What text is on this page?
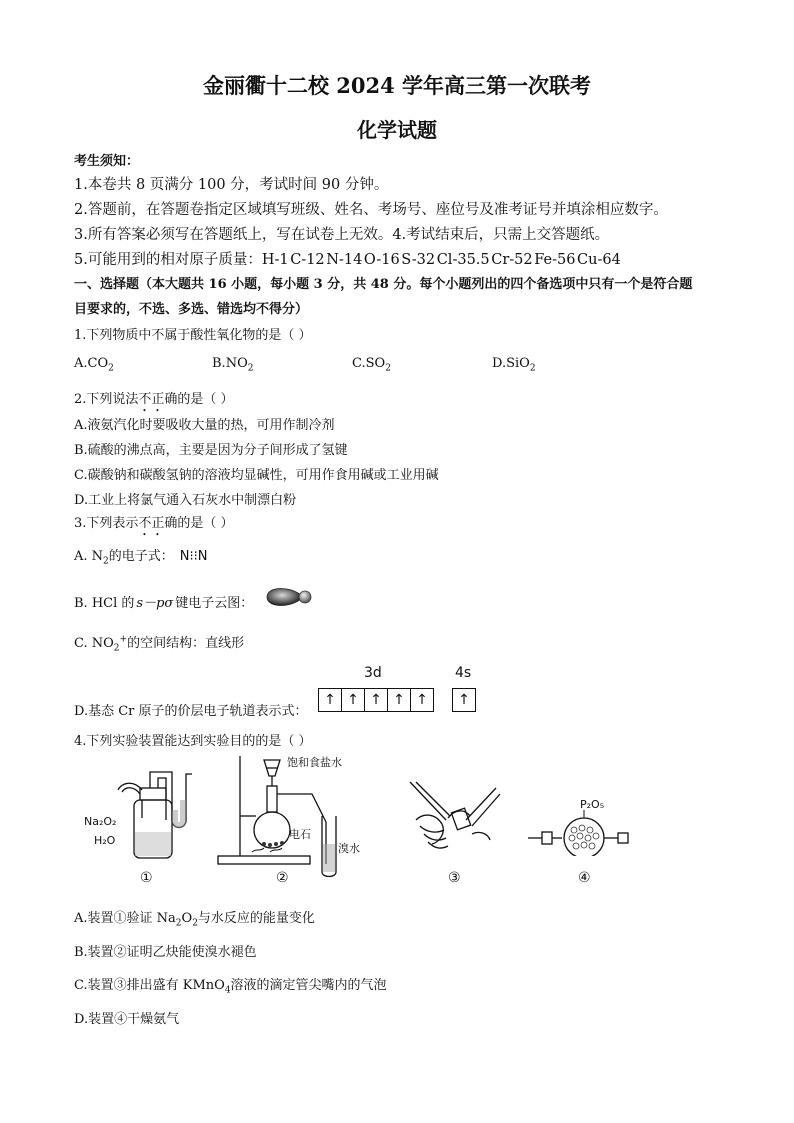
金丽衢十二校 2024 学年高三第一次联考
化学试题
考生须知：
1.本卷共 8 页满分 100 分，考试时间 90 分钟。
2.答题前，在答题卷指定区域填写班级、姓名、考场号、座位号及准考证号并填涂相应数字。
3.所有答案必须写在答题纸上，写在试卷上无效。4.考试结束后，只需上交答题纸。
5.可能用到的相对原子质量：H-1 C-12 N-14 O-16 S-32 Cl-35.5 Cr-52 Fe-56 Cu-64
一、选择题（本大题共 16 小题，每小题 3 分，共 48 分。每个小题列出的四个备选项中只有一个是符合题
目要求的，不选、多选、错选均不得分）
1.下列物质中不属于酸性氧化物的是（ ）
$A.CO_2$	$B.NO_2$	$C.SO_2$	D.SiO$_2$
2.下列说法不正确的是（ ）
A.液氨汽化时要吸收大量的热，可用作制冷剂
B.硫酸的沸点高，主要是因为分子间形成了氢键
C.碳酸钠和碳酸氢钠的溶液均显碱性，可用作食用碱或工业用碱
D.工业上将氯气通入石灰水中制漂白粉
3.下列表示不正确的是（ ）
A. $N_2$的电子式： N⁝⁝N
B. HCl 的 s－pσ 键电子云图：
C. $NO_2^+$的空间结构：直线形
3d	4s
D.基态 Cr 原子的价层电子轨道表示式：
↑ ↑ ↑ ↑ ↑	↑
4.下列实验装置能达到实验目的的是（ ）
Na₂O₂
H₂O
①
饱和食盐水
电石
溴水
②	③
P₂O₅
④
A.装置①验证 $Na_2O_2$与水反应的能量变化
B.装置②证明乙炔能使溴水褪色
C.装置③排出盛有 KMnO$_4$溶液的滴定管尖嘴内的气泡
D.装置④干燥氨气
